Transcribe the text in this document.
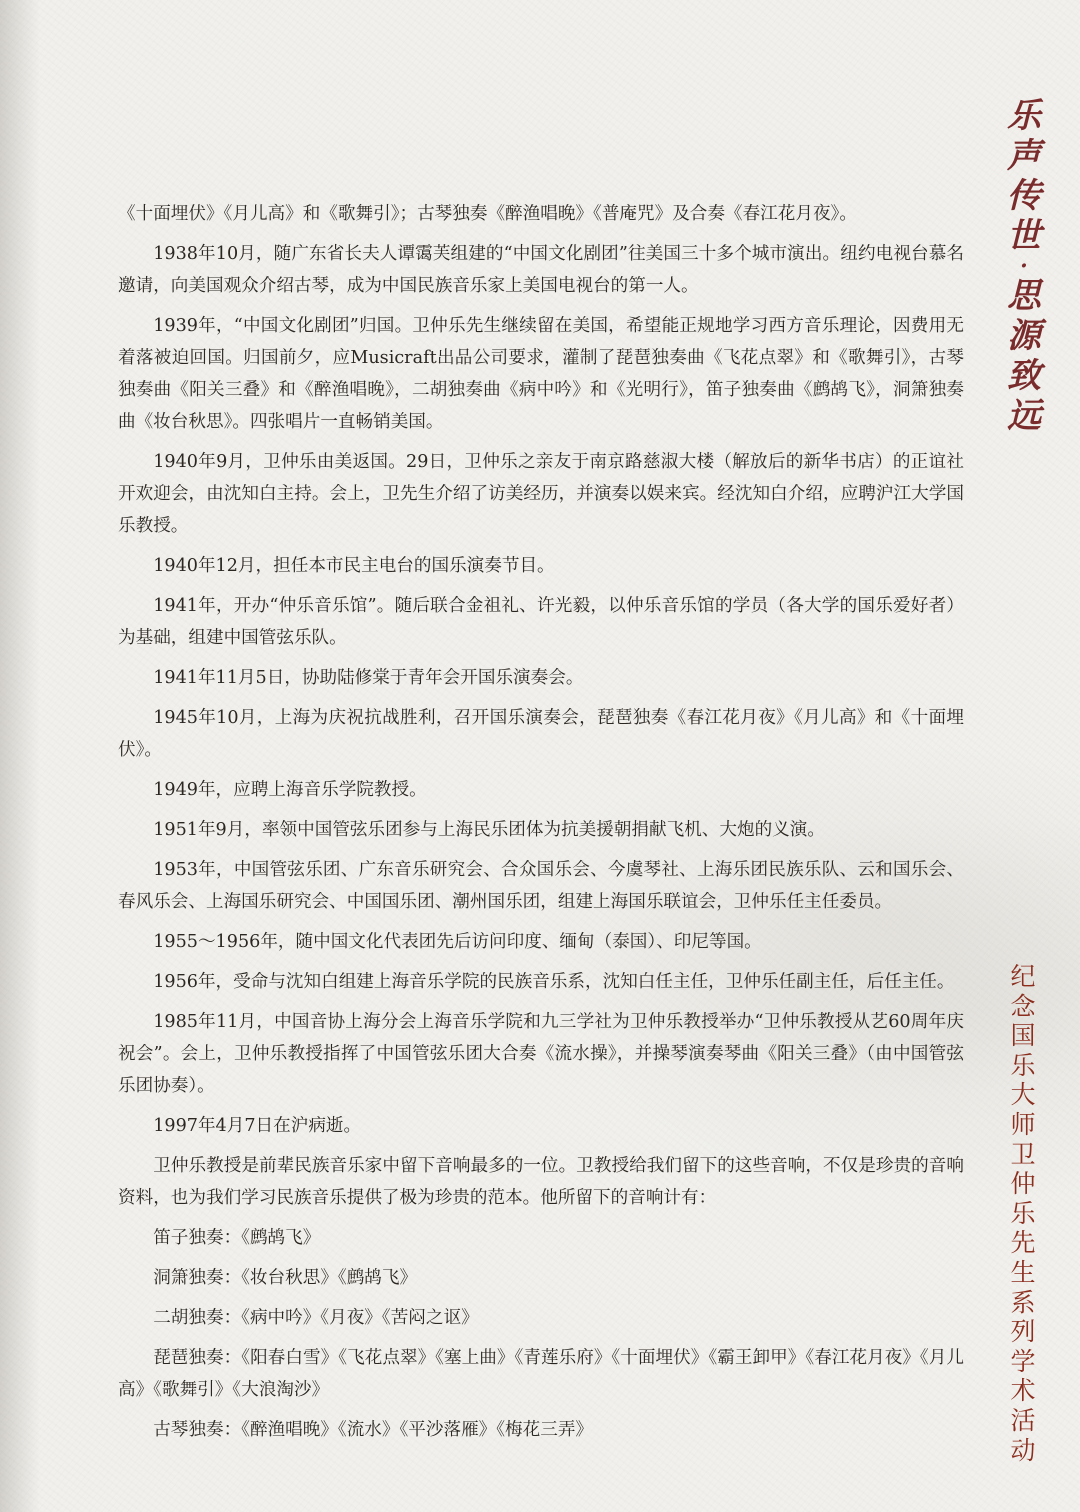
乐
声
传
世
·
思
源
致
远
纪
念
国
乐
大
师
卫
仲
乐
先
生
系
列
学
术
活
动

《十面埋伏》《月儿高》和《歌舞引》；古琴独奏《醉渔唱晚》《普庵咒》及合奏《春江花月夜》。

1938年10月，随广东省长夫人谭霭芙组建的“中国文化剧团”往美国三十多个城市演出。纽约电视台慕名邀请，向美国观众介绍古琴，成为中国民族音乐家上美国电视台的第一人。

1939年，“中国文化剧团”归国。卫仲乐先生继续留在美国，希望能正规地学习西方音乐理论，因费用无着落被迫回国。归国前夕，应Musicraft出品公司要求，灌制了琵琶独奏曲《飞花点翠》和《歌舞引》，古琴独奏曲《阳关三叠》和《醉渔唱晚》，二胡独奏曲《病中吟》和《光明行》，笛子独奏曲《鹧鸪飞》，洞箫独奏曲《妆台秋思》。四张唱片一直畅销美国。

1940年9月，卫仲乐由美返国。29日，卫仲乐之亲友于南京路慈淑大楼（解放后的新华书店）的正谊社开欢迎会，由沈知白主持。会上，卫先生介绍了访美经历，并演奏以娱来宾。经沈知白介绍，应聘沪江大学国乐教授。

1940年12月，担任本市民主电台的国乐演奏节目。

1941年，开办“仲乐音乐馆”。随后联合金祖礼、许光毅，以仲乐音乐馆的学员（各大学的国乐爱好者）为基础，组建中国管弦乐队。

1941年11月5日，协助陆修棠于青年会开国乐演奏会。

1945年10月，上海为庆祝抗战胜利，召开国乐演奏会，琵琶独奏《春江花月夜》《月儿高》和《十面埋伏》。

1949年，应聘上海音乐学院教授。

1951年9月，率领中国管弦乐团参与上海民乐团体为抗美援朝捐献飞机、大炮的义演。

1953年，中国管弦乐团、广东音乐研究会、合众国乐会、今虞琴社、上海乐团民族乐队、云和国乐会、春风乐会、上海国乐研究会、中国国乐团、潮州国乐团，组建上海国乐联谊会，卫仲乐任主任委员。

1955～1956年，随中国文化代表团先后访问印度、缅甸（泰国）、印尼等国。

1956年，受命与沈知白组建上海音乐学院的民族音乐系，沈知白任主任，卫仲乐任副主任，后任主任。

1985年11月，中国音协上海分会上海音乐学院和九三学社为卫仲乐教授举办“卫仲乐教授从艺60周年庆祝会”。会上，卫仲乐教授指挥了中国管弦乐团大合奏《流水操》，并操琴演奏琴曲《阳关三叠》（由中国管弦乐团协奏）。

1997年4月7日在沪病逝。

卫仲乐教授是前辈民族音乐家中留下音响最多的一位。卫教授给我们留下的这些音响，不仅是珍贵的音响资料，也为我们学习民族音乐提供了极为珍贵的范本。他所留下的音响计有：

笛子独奏：《鹧鸪飞》

洞箫独奏：《妆台秋思》《鹧鸪飞》

二胡独奏：《病中吟》《月夜》《苦闷之讴》

琵琶独奏：《阳春白雪》《飞花点翠》《塞上曲》《青莲乐府》《十面埋伏》《霸王卸甲》《春江花月夜》《月儿高》《歌舞引》《大浪淘沙》

古琴独奏：《醉渔唱晚》《流水》《平沙落雁》《梅花三弄》
